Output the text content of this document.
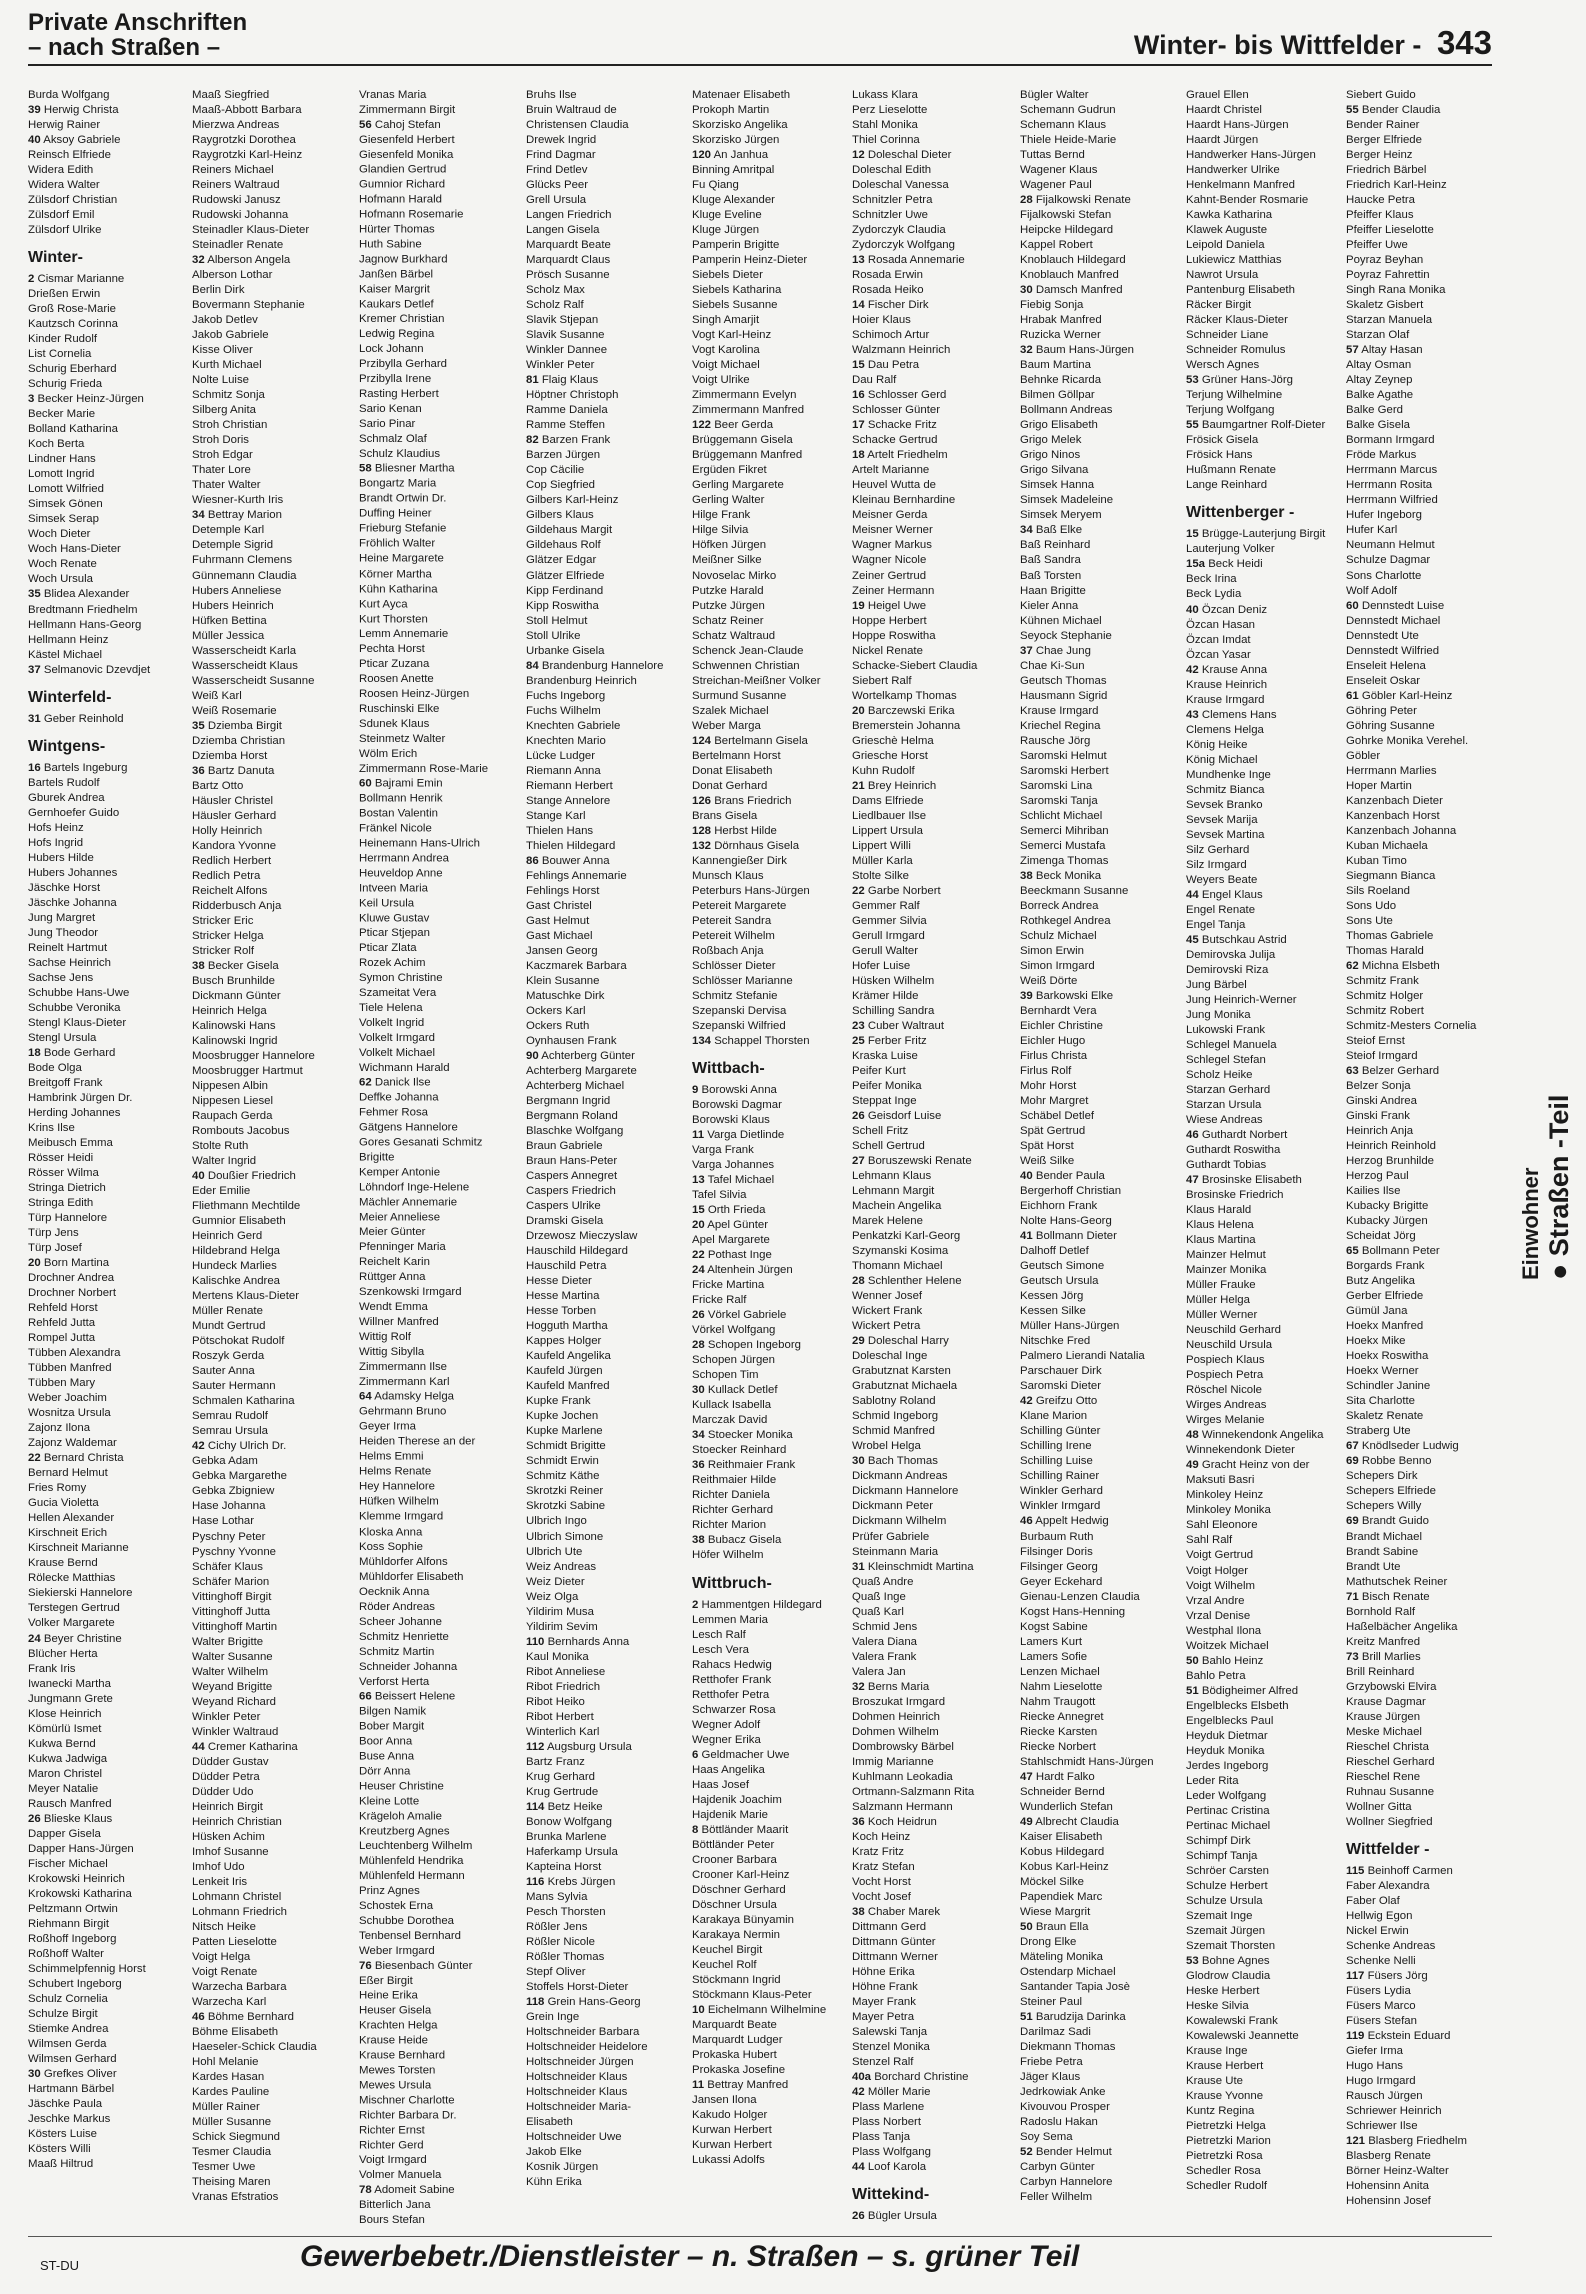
Private Anschriften
– nach Straßen –	Winter- bis Wittfelder - 343
Burda Wolfgang
39 Herwig Christa
Herwig Rainer
40 Aksoy Gabriele
Reinsch Elfriede
Widera Edith
Widera Walter
Zülsdorf Christian
Zülsdorf Emil
Zülsdorf Ulrike
Winter-
2 Cismar Marianne
Drießen Erwin
Groß Rose-Marie
Kautzsch Corinna
Kinder Rudolf
List Cornelia
Schurig Eberhard
Schurig Frieda
3 Becker Heinz-Jürgen
Becker Marie
Bolland Katharina
Koch Berta
Lindner Hans
Lomott Ingrid
Lomott Wilfried
Simsek Gönen
Simsek Serap
Woch Dieter
Woch Hans-Dieter
Woch Renate
Woch Ursula
35 Blidea Alexander
Bredtmann Friedhelm
Hellmann Hans-Georg
Hellmann Heinz
Kästel Michael
37 Selmanovic Dzevdjet
Winterfeld-
31 Geber Reinhold
Wintgens-
16 Bartels Ingeburg
Bartels Rudolf
Gburek Andrea
Gernhoefer Guido
Hofs Heinz
Hofs Ingrid
Hubers Hilde
Hubers Johannes
Jäschke Horst
Jäschke Johanna
Jung Margret
Jung Theodor
Reinelt Hartmut
Sachse Heinrich
Sachse Jens
Schubbe Hans-Uwe
Schubbe Veronika
Stengl Klaus-Dieter
Stengl Ursula
18 Bode Gerhard
Bode Olga
Breitgoff Frank
Hambrink Jürgen Dr.
Herding Johannes
Krins Ilse
Meibusch Emma
Rösser Heidi
Rösser Wilma
Stringa Dietrich
Stringa Edith
Türp Hannelore
Türp Jens
Türp Josef
20 Born Martina
Drochner Andrea
Drochner Norbert
Rehfeld Horst
Rehfeld Jutta
Rompel Jutta
Tübben Alexandra
Tübben Manfred
Tübben Mary
Weber Joachim
Wosnitza Ursula
Zajonz Ilona
Zajonz Waldemar
22 Bernard Christa
Bernard Helmut
Fries Romy
Gucia Violetta
Hellen Alexander
Kirschneit Erich
Kirschneit Marianne
Krause Bernd
Rölecke Matthias
Siekierski Hannelore
Terstegen Gertrud
Volker Margarete
24 Beyer Christine
Blücher Herta
Frank Iris
Iwanecki Martha
Jungmann Grete
Klose Heinrich
Kömürlü Ismet
Kukwa Bernd
Kukwa Jadwiga
Maron Christel
Meyer Natalie
Rausch Manfred
26 Blieske Klaus
Dapper Gisela
Dapper Hans-Jürgen
Fischer Michael
Krokowski Heinrich
Krokowski Katharina
Peltzmann Ortwin
Riehmann Birgit
Roßhoff Ingeborg
Roßhoff Walter
Schimmelpfennig Horst
Schubert Ingeborg
Schulz Cornelia
Schulze Birgit
Stiemke Andrea
Wilmsen Gerda
Wilmsen Gerhard
30 Grefkes Oliver
Hartmann Bärbel
Jäschke Paula
Jeschke Markus
Kösters Luise
Kösters Willi
Maaß Hiltrud
Maaß Siegfried
Maaß-Abbott Barbara
Mierzwa Andreas
Raygrotzki Dorothea
Raygrotzki Karl-Heinz
Reiners Michael
Reiners Waltraud
Rudowski Janusz
Rudowski Johanna
Steinadler Klaus-Dieter
Steinadler Renate
32 Alberson Angela
Alberson Lothar
Berlin Dirk
Bovermann Stephanie
Jakob Detlev
Jakob Gabriele
Kisse Oliver
Kurth Michael
Nolte Luise
Schmitz Sonja
Silberg Anita
Stroh Christian
Stroh Doris
Stroh Edgar
Thater Lore
Thater Walter
Wiesner-Kurth Iris
34 Bettray Marion
Detemple Karl
Detemple Sigrid
Fuhrmann Clemens
Günnemann Claudia
Hubers Anneliese
Hubers Heinrich
Hüfken Bettina
Müller Jessica
Wasserscheidt Karla
Wasserscheidt Klaus
Wasserscheidt Susanne
Weiß Karl
Weiß Rosemarie
35 Dziemba Birgit
Dziemba Christian
Dziemba Horst
36 Bartz Danuta
Bartz Otto
Häusler Christel
Häusler Gerhard
Holly Heinrich
Kandora Yvonne
Redlich Herbert
Redlich Petra
Reichelt Alfons
Ridderbusch Anja
Stricker Eric
Stricker Helga
Stricker Rolf
38 Becker Gisela
Busch Brunhilde
Dickmann Günter
Heinrich Helga
Kalinowski Hans
Kalinowski Ingrid
Moosbrugger Hannelore
Moosbrugger Hartmut
Nippesen Albin
Nippesen Liesel
Raupach Gerda
Rombouts Jacobus
Stolte Ruth
Walter Ingrid
40 Doußier Friedrich
Eder Emilie
Fliethmann Mechtilde
Gumnior Elisabeth
Heinrich Gerd
Hildebrand Helga
Hundeck Marlies
Kalischke Andrea
Mertens Klaus-Dieter
Müller Renate
Mundt Gertrud
Pötschokat Rudolf
Roszyk Gerda
Sauter Anna
Sauter Hermann
Schmalen Katharina
Semrau Rudolf
Semrau Ursula
42 Cichy Ulrich Dr.
Gebka Adam
Gebka Margarethe
Gebka Zbigniew
Hase Johanna
Hase Lothar
Pyschny Peter
Pyschny Yvonne
Schäfer Klaus
Schäfer Marion
Vittinghoff Birgit
Vittinghoff Jutta
Vittinghoff Martin
Walter Brigitte
Walter Susanne
Walter Wilhelm
Weyand Brigitte
Weyand Richard
Winkler Peter
Winkler Waltraud
44 Cremer Katharina
Düdder Gustav
Düdder Petra
Düdder Udo
Heinrich Birgit
Heinrich Christian
Hüsken Achim
Imhof Susanne
Imhof Udo
Lenkeit Iris
Lohmann Christel
Lohmann Friedrich
Nitsch Heike
Patten Lieselotte
Voigt Helga
Voigt Renate
Warzecha Barbara
Warzecha Karl
46 Böhme Bernhard
Böhme Elisabeth
Haeseler-Schick Claudia
Hohl Melanie
Kardes Hasan
Kardes Pauline
Müller Rainer
Müller Susanne
Schick Siegmund
Tesmer Claudia
Tesmer Uwe
Theising Maren
Vranas Efstratios
Vranas Maria
Zimmermann Birgit
56 Cahoj Stefan
Giesenfeld Herbert
Giesenfeld Monika
Glandien Gertrud
Gumnior Richard
Hofmann Harald
Hofmann Rosemarie
Hürter Thomas
Huth Sabine
Jagnow Burkhard
Janßen Bärbel
Kaiser Margrit
Kaukars Detlef
Kremer Christian
Ledwig Regina
Lock Johann
Przibylla Gerhard
Przibylla Irene
Rasting Herbert
Sario Kenan
Sario Pinar
Schmalz Olaf
Schulz Klaudius
58 Bliesner Martha
Bongartz Maria
Brandt Ortwin Dr.
Duffing Heiner
Frieburg Stefanie
Fröhlich Walter
Heine Margarete
Körner Martha
Kühn Katharina
Kurt Ayca
Kurt Thorsten
Lemm Annemarie
Pechta Horst
Pticar Zuzana
Roosen Anette
Roosen Heinz-Jürgen
Ruschinski Elke
Sdunek Klaus
Steinmetz Walter
Wölm Erich
Zimmermann Rose-Marie
60 Bajrami Emin
Bollmann Henrik
Bostan Valentin
Fränkel Nicole
Heinemann Hans-Ulrich
Herrmann Andrea
Heuveldop Anne
Intveen Maria
Keil Ursula
Kluwe Gustav
Pticar Stjepan
Pticar Zlata
Rozek Achim
Symon Christine
Szameitat Vera
Tiele Helena
Volkelt Ingrid
Volkelt Irmgard
Volkelt Michael
Wichmann Harald
62 Danick Ilse
Deffke Johanna
Fehmer Rosa
Gätgens Hannelore
Gores Gesanati Schmitz
Brigitte
Kemper Antonie
Löhndorf Inge-Helene
Mächler Annemarie
Meier Anneliese
Meier Günter
Pfenninger Maria
Reichelt Karin
Rüttger Anna
Szenkowski Irmgard
Wendt Emma
Willner Manfred
Wittig Rolf
Wittig Sibylla
Zimmermann Ilse
Zimmermann Karl
64 Adamsky Helga
Gehrmann Bruno
Geyer Irma
Heiden Therese an der
Helms Emmi
Helms Renate
Hey Hannelore
Hüfken Wilhelm
Klemme Irmgard
Kloska Anna
Koss Sophie
Mühldorfer Alfons
Mühldorfer Elisabeth
Oecknik Anna
Röder Andreas
Scheer Johanne
Schmitz Henriette
Schmitz Martin
Schneider Johanna
Verforst Herta
66 Beissert Helene
Bilgen Namik
Bober Margit
Boor Anna
Buse Anna
Dörr Anna
Heuser Christine
Kleine Lotte
Krägeloh Amalie
Kreutzberg Agnes
Leuchtenberg Wilhelm
Mühlenfeld Hendrika
Mühlenfeld Hermann
Prinz Agnes
Schostek Erna
Schubbe Dorothea
Tenbensel Bernhard
Weber Irmgard
76 Biesenbach Günter
Eßer Birgit
Heine Erika
Heuser Gisela
Krachten Helga
Krause Heide
Krause Bernhard
Mewes Torsten
Mewes Ursula
Mischner Charlotte
Richter Barbara Dr.
Richter Ernst
Richter Gerd
Voigt Irmgard
Volmer Manuela
78 Adomeit Sabine
Bitterlich Jana
Bours Stefan
Bruhs Ilse
Bruin Waltraud de
Christensen Claudia
Drewek Ingrid
Frind Dagmar
Frind Detlev
Glücks Peer
Grell Ursula
Langen Friedrich
Langen Gisela
Marquardt Beate
Marquardt Claus
Prösch Susanne
Scholz Max
Scholz Ralf
Slavik Stjepan
Slavik Susanne
Winkler Dannee
Winkler Peter
81 Flaig Klaus
Höptner Christoph
Ramme Daniela
Ramme Steffen
82 Barzen Frank
Barzen Jürgen
Cop Cäcilie
Cop Siegfried
Gilbers Karl-Heinz
Gilbers Klaus
Gildehaus Margit
Gildehaus Rolf
Glätzer Edgar
Glätzer Elfriede
Kipp Ferdinand
Kipp Roswitha
Stoll Helmut
Stoll Ulrike
Urbanke Gisela
84 Brandenburg Hannelore
Brandenburg Heinrich
Fuchs Ingeborg
Fuchs Wilhelm
Knechten Gabriele
Knechten Mario
Lücke Ludger
Riemann Anna
Riemann Herbert
Stange Annelore
Stange Karl
Thielen Hans
Thielen Hildegard
86 Bouwer Anna
Fehlings Annemarie
Fehlings Horst
Gast Christel
Gast Helmut
Gast Michael
Jansen Georg
Kaczmarek Barbara
Klein Susanne
Matuschke Dirk
Ockers Karl
Ockers Ruth
Oynhausen Frank
90 Achterberg Günter
Achterberg Margarete
Achterberg Michael
Bergmann Ingrid
Bergmann Roland
Blaschke Wolfgang
Braun Gabriele
Braun Hans-Peter
Caspers Annegret
Caspers Friedrich
Caspers Ulrike
Dramski Gisela
Drzewosz Mieczyslaw
Hauschild Hildegard
Hauschild Petra
Hesse Dieter
Hesse Martina
Hesse Torben
Hogguth Martha
Kappes Holger
Kaufeld Angelika
Kaufeld Jürgen
Kaufeld Manfred
Kupke Frank
Kupke Jochen
Kupke Marlene
Schmidt Brigitte
Schmidt Erwin
Schmitz Käthe
Skrotzki Reiner
Skrotzki Sabine
Ulbrich Ingo
Ulbrich Simone
Ulbrich Ute
Weiz Andreas
Weiz Dieter
Weiz Olga
Yildirim Musa
Yildirim Sevim
110 Bernhards Anna
Kaul Monika
Ribot Anneliese
Ribot Friedrich
Ribot Heiko
Ribot Herbert
Winterlich Karl
112 Augsburg Ursula
Bartz Franz
Krug Gerhard
Krug Gertrude
114 Betz Heike
Bonow Wolfgang
Brunka Marlene
Haferkamp Ursula
Kapteina Horst
116 Krebs Jürgen
Mans Sylvia
Pesch Thorsten
Rößler Jens
Rößler Nicole
Rößler Thomas
Stepf Oliver
Stoffels Horst-Dieter
118 Grein Hans-Georg
Grein Inge
Holtschneider Barbara
Holtschneider Heidelore
Holtschneider Jürgen
Holtschneider Klaus
Holtschneider Klaus
Holtschneider Maria-
Elisabeth
Holtschneider Uwe
Jakob Elke
Kosnik Jürgen
Kühn Erika
Matenaer Elisabeth
Prokoph Martin
Skorzisko Angelika
Skorzisko Jürgen
120 An Janhua
Binning Amritpal
Fu Qiang
Kluge Alexander
Kluge Eveline
Kluge Jürgen
Pamperin Brigitte
Pamperin Heinz-Dieter
Siebels Dieter
Siebels Katharina
Siebels Susanne
Singh Amarjit
Vogt Karl-Heinz
Vogt Karolina
Voigt Michael
Voigt Ulrike
Zimmermann Evelyn
Zimmermann Manfred
122 Beer Gerda
Brüggemann Gisela
Brüggemann Manfred
Ergüden Fikret
Gerling Margarete
Gerling Walter
Hilge Frank
Hilge Silvia
Höfken Jürgen
Meißner Silke
Novoselac Mirko
Putzke Harald
Putzke Jürgen
Schatz Reiner
Schatz Waltraud
Schenck Jean-Claude
Schwennen Christian
Streichan-Meißner Volker
Surmund Susanne
Szalek Michael
Weber Marga
124 Bertelmann Gisela
Bertelmann Horst
Donat Elisabeth
Donat Gerhard
126 Brans Friedrich
Brans Gisela
128 Herbst Hilde
132 Dörnhaus Gisela
Kannengießer Dirk
Munsch Klaus
Peterburs Hans-Jürgen
Petereit Margarete
Petereit Sandra
Petereit Wilhelm
Roßbach Anja
Schlösser Dieter
Schlösser Marianne
Schmitz Stefanie
Szepanski Dervisa
Szepanski Wilfried
134 Schappel Thorsten
Wittbach-
9 Borowski Anna
Borowski Dagmar
Borowski Klaus
11 Varga Dietlinde
Varga Frank
Varga Johannes
13 Tafel Michael
Tafel Silvia
15 Orth Frieda
20 Apel Günter
Apel Margarete
22 Pothast Inge
24 Altenhein Jürgen
Fricke Martina
Fricke Ralf
26 Vörkel Gabriele
Vörkel Wolfgang
28 Schopen Ingeborg
Schopen Jürgen
Schopen Tim
30 Kullack Detlef
Kullack Isabella
Marczak David
34 Stoecker Monika
Stoecker Reinhard
36 Reithmaier Frank
Reithmaier Hilde
Richter Daniela
Richter Gerhard
Richter Marion
38 Bubacz Gisela
Höfer Wilhelm
Wittbruch-
2 Hammentgen Hildegard
Lemmen Maria
Lesch Ralf
Lesch Vera
Rahacs Hedwig
Retthofer Frank
Retthofer Petra
Schwarzer Rosa
Wegner Adolf
Wegner Erika
6 Geldmacher Uwe
Haas Angelika
Haas Josef
Hajdenik Joachim
Hajdenik Marie
8 Böttländer Maarit
Böttländer Peter
Crooner Barbara
Crooner Karl-Heinz
Döschner Gerhard
Döschner Ursula
Karakaya Bünyamin
Karakaya Nermin
Keuchel Birgit
Keuchel Rolf
Stöckmann Ingrid
Stöckmann Klaus-Peter
10 Eichelmann Wilhelmine
Marquardt Beate
Marquardt Ludger
Prokaska Hubert
Prokaska Josefine
11 Bettray Manfred
Jansen Ilona
Kakudo Holger
Kurwan Herbert
Kurwan Herbert
Lukassi Adolfs
Lukass Klara
Perz Lieselotte
Stahl Monika
Thiel Corinna
12 Doleschal Dieter
Doleschal Edith
Doleschal Vanessa
Schnitzler Petra
Schnitzler Uwe
Zydorczyk Claudia
Zydorczyk Wolfgang
13 Rosada Annemarie
Rosada Erwin
Rosada Heiko
14 Fischer Dirk
Hoier Klaus
Schimoch Artur
Walzmann Heinrich
15 Dau Petra
Dau Ralf
16 Schlosser Gerd
Schlosser Günter
17 Schacke Fritz
Schacke Gertrud
18 Artelt Friedhelm
Artelt Marianne
Heuvel Wutta de
Kleinau Bernhardine
Meisner Gerda
Meisner Werner
Wagner Markus
Wagner Nicole
Zeiner Gertrud
Zeiner Hermann
19 Heigel Uwe
Hoppe Herbert
Hoppe Roswitha
Nickel Renate
Schacke-Siebert Claudia
Siebert Ralf
Wortelkamp Thomas
20 Barczewski Erika
Bremerstein Johanna
Grieschè Helma
Griesche Horst
Kuhn Rudolf
21 Brey Heinrich
Dams Elfriede
Liedlbauer Ilse
Lippert Ursula
Lippert Willi
Müller Karla
Stolte Silke
22 Garbe Norbert
Gemmer Ralf
Gemmer Silvia
Gerull Irmgard
Gerull Walter
Hofer Luise
Hüsken Wilhelm
Krämer Hilde
Schilling Sandra
23 Cuber Waltraut
25 Ferber Fritz
Kraska Luise
Peifer Kurt
Peifer Monika
Steppat Inge
26 Geisdorf Luise
Schell Fritz
Schell Gertrud
27 Boruszewski Renate
Lehmann Klaus
Lehmann Margit
Machein Angelika
Marek Helene
Penkatzki Karl-Georg
Szymanski Kosima
Thomann Michael
28 Schlenther Helene
Wenner Josef
Wickert Frank
Wickert Petra
29 Doleschal Harry
Doleschal Inge
Grabutznat Karsten
Grabutznat Michaela
Sablotny Roland
Schmid Ingeborg
Schmid Manfred
Wrobel Helga
30 Bach Thomas
Dickmann Andreas
Dickmann Hannelore
Dickmann Peter
Dickmann Wilhelm
Prüfer Gabriele
Steinmann Maria
31 Kleinschmidt Martina
Quaß Andre
Quaß Inge
Quaß Karl
Schmid Jens
Valera Diana
Valera Frank
Valera Jan
32 Berns Maria
Broszukat Irmgard
Dohmen Heinrich
Dohmen Wilhelm
Dombrowsky Bärbel
Immig Marianne
Kuhlmann Leokadia
Ortmann-Salzmann Rita
Salzmann Hermann
36 Koch Heidrun
Koch Heinz
Kratz Fritz
Kratz Stefan
Vocht Horst
Vocht Josef
38 Chaber Marek
Dittmann Gerd
Dittmann Günter
Dittmann Werner
Höhne Erika
Höhne Frank
Mayer Frank
Mayer Petra
Salewski Tanja
Stenzel Monika
Stenzel Ralf
40a Borchard Christine
42 Möller Marie
Plass Marlene
Plass Norbert
Plass Tanja
Plass Wolfgang
44 Loof Karola
Wittekind-
26 Bügler Ursula
Bügler Walter
Schemann Gudrun
Schemann Klaus
Thiele Heide-Marie
Tuttas Bernd
Wagener Klaus
Wagener Paul
28 Fijalkowski Renate
Fijalkowski Stefan
Heipcke Hildegard
Kappel Robert
Knoblauch Hildegard
Knoblauch Manfred
30 Damsch Manfred
Fiebig Sonja
Hrabak Manfred
Ruzicka Werner
32 Baum Hans-Jürgen
Baum Martina
Behnke Ricarda
Bilmen Göllpar
Bollmann Andreas
Grigo Elisabeth
Grigo Melek
Grigo Ninos
Grigo Silvana
Simsek Hanna
Simsek Madeleine
Simsek Meryem
34 Baß Elke
Baß Reinhard
Baß Sandra
Baß Torsten
Haan Brigitte
Kieler Anna
Kühnen Michael
Seyock Stephanie
37 Chae Jung
Chae Ki-Sun
Geutsch Thomas
Hausmann Sigrid
Krause Irmgard
Kriechel Regina
Rausche Jörg
Saromski Helmut
Saromski Herbert
Saromski Lina
Saromski Tanja
Schlicht Michael
Semerci Mihriban
Semerci Mustafa
Zimenga Thomas
38 Beck Monika
Beeckmann Susanne
Borreck Andrea
Rothkegel Andrea
Schulz Michael
Simon Erwin
Simon Irmgard
Weiß Dörte
39 Barkowski Elke
Bernhardt Vera
Eichler Christine
Eichler Hugo
Firlus Christa
Firlus Rolf
Mohr Horst
Mohr Margret
Schäbel Detlef
Spät Gertrud
Spät Horst
Weiß Silke
40 Bender Paula
Bergerhoff Christian
Eichhorn Frank
Nolte Hans-Georg
41 Bollmann Dieter
Dalhoff Detlef
Geutsch Simone
Geutsch Ursula
Kessen Jörg
Kessen Silke
Müller Hans-Jürgen
Nitschke Fred
Palmero Lierandi Natalia
Parschauer Dirk
Saromski Dieter
42 Greifzu Otto
Klane Marion
Schilling Günter
Schilling Irene
Schilling Luise
Schilling Rainer
Winkler Gerhard
Winkler Irmgard
46 Appelt Hedwig
Burbaum Ruth
Filsinger Doris
Filsinger Georg
Geyer Eckehard
Gienau-Lenzen Claudia
Kogst Hans-Henning
Kogst Sabine
Lamers Kurt
Lamers Sofie
Lenzen Michael
Nahm Lieselotte
Nahm Traugott
Riecke Annegret
Riecke Karsten
Riecke Norbert
Stahlschmidt Hans-Jürgen
47 Hardt Falko
Schneider Bernd
Wunderlich Stefan
49 Albrecht Claudia
Kaiser Elisabeth
Kobus Hildegard
Kobus Karl-Heinz
Möckel Silke
Papendiek Marc
Wiese Margrit
50 Braun Ella
Drong Elke
Mäteling Monika
Ostendarp Michael
Santander Tapia Josè
Steiner Paul
51 Barudzija Darinka
Darilmaz Sadi
Diekmann Thomas
Friebe Petra
Jäger Klaus
Jedrkowiak Anke
Kivouvou Prosper
Radoslu Hakan
Soy Sema
52 Bender Helmut
Carbyn Günter
Carbyn Hannelore
Feller Wilhelm
Grauel Ellen
Haardt Christel
Haardt Hans-Jürgen
Haardt Jürgen
Handwerker Hans-Jürgen
Handwerker Ulrike
Henkelmann Manfred
Kahnt-Bender Rosmarie
Kawka Katharina
Klawek Auguste
Leipold Daniela
Lukiewicz Matthias
Nawrot Ursula
Pantenburg Elisabeth
Räcker Birgit
Räcker Klaus-Dieter
Schneider Liane
Schneider Romulus
Wersch Agnes
53 Grüner Hans-Jörg
Terjung Wilhelmine
Terjung Wolfgang
55 Baumgartner Rolf-Dieter
Frösick Gisela
Frösick Hans
Hußmann Renate
Lange Reinhard
Wittenberger -
15 Brügge-Lauterjung Birgit
Lauterjung Volker
15a Beck Heidi
Beck Irina
Beck Lydia
40 Özcan Deniz
Özcan Hasan
Özcan Imdat
Özcan Yasar
42 Krause Anna
Krause Heinrich
Krause Irmgard
43 Clemens Hans
Clemens Helga
König Heike
König Michael
Mundhenke Inge
Schmitz Bianca
Sevsek Branko
Sevsek Marija
Sevsek Martina
Silz Gerhard
Silz Irmgard
Weyers Beate
44 Engel Klaus
Engel Renate
Engel Tanja
45 Butschkau Astrid
Demirovska Julija
Demirovski Riza
Jung Bärbel
Jung Heinrich-Werner
Jung Monika
Lukowski Frank
Schlegel Manuela
Schlegel Stefan
Scholz Heike
Starzan Gerhard
Starzan Ursula
Wiese Andreas
46 Guthardt Norbert
Guthardt Roswitha
Guthardt Tobias
47 Brosinske Elisabeth
Brosinske Friedrich
Klaus Harald
Klaus Helena
Klaus Martina
Mainzer Helmut
Mainzer Monika
Müller Frauke
Müller Helga
Müller Werner
Neuschild Gerhard
Neuschild Ursula
Pospiech Klaus
Pospiech Petra
Röschel Nicole
Wirges Andreas
Wirges Melanie
48 Winnekendonk Angelika
Winnekendonk Dieter
49 Gracht Heinz von der
Maksuti Basri
Minkoley Heinz
Minkoley Monika
Sahl Eleonore
Sahl Ralf
Voigt Gertrud
Voigt Holger
Voigt Wilhelm
Vrzal Andre
Vrzal Denise
Westphal Ilona
Woitzek Michael
50 Bahlo Heinz
Bahlo Petra
51 Bödigheimer Alfred
Engelblecks Elsbeth
Engelblecks Paul
Heyduk Dietmar
Heyduk Monika
Jerdes Ingeborg
Leder Rita
Leder Wolfgang
Pertinac Cristina
Pertinac Michael
Schimpf Dirk
Schimpf Tanja
Schröer Carsten
Schulze Herbert
Schulze Ursula
Szemait Inge
Szemait Jürgen
Szemait Thorsten
53 Bohne Agnes
Glodrow Claudia
Heske Herbert
Heske Silvia
Kowalewski Frank
Kowalewski Jeannette
Krause Inge
Krause Herbert
Krause Ute
Krause Yvonne
Kuntz Regina
Pietretzki Helga
Pietretzki Marion
Pietretzki Rosa
Schedler Rosa
Schedler Rudolf
Siebert Guido
55 Bender Claudia
Bender Rainer
Berger Elfriede
Berger Heinz
Friedrich Bärbel
Friedrich Karl-Heinz
Haucke Petra
Pfeiffer Klaus
Pfeiffer Lieselotte
Pfeiffer Uwe
Poyraz Beyhan
Poyraz Fahrettin
Singh Rana Monika
Skaletz Gisbert
Starzan Manuela
Starzan Olaf
57 Altay Hasan
Altay Osman
Altay Zeynep
Balke Agathe
Balke Gerd
Balke Gisela
Bormann Irmgard
Fröde Markus
Herrmann Marcus
Herrmann Rosita
Herrmann Wilfried
Hufer Ingeborg
Hufer Karl
Neumann Helmut
Schulze Dagmar
Sons Charlotte
Wolf Adolf
60 Dennstedt Luise
Dennstedt Michael
Dennstedt Ute
Dennstedt Wilfried
Enseleit Helena
Enseleit Oskar
61 Göbler Karl-Heinz
Göhring Peter
Göhring Susanne
Gohrke Monika Verehel.
Göbler
Herrmann Marlies
Hoper Martin
Kanzenbach Dieter
Kanzenbach Horst
Kanzenbach Johanna
Kuban Michaela
Kuban Timo
Siegmann Bianca
Sils Roeland
Sons Udo
Sons Ute
Thomas Gabriele
Thomas Harald
62 Michna Elsbeth
Schmitz Frank
Schmitz Holger
Schmitz Robert
Schmitz-Mesters Cornelia
Steiof Ernst
Steiof Irmgard
63 Belzer Gerhard
Belzer Sonja
Ginski Andrea
Ginski Frank
Heinrich Anja
Heinrich Reinhold
Herzog Brunhilde
Herzog Paul
Kailies Ilse
Kubacky Brigitte
Kubacky Jürgen
Scheidat Jörg
65 Bollmann Peter
Borgards Frank
Butz Angelika
Gerber Elfriede
Gümül Jana
Hoekx Manfred
Hoekx Mike
Hoekx Roswitha
Hoekx Werner
Schindler Janine
Sita Charlotte
Skaletz Renate
Straberg Ute
67 Knödlseder Ludwig
69 Robbe Benno
Schepers Dirk
Schepers Elfriede
Schepers Willy
69 Brandt Guido
Brandt Michael
Brandt Sabine
Brandt Ute
Mathutschek Reiner
71 Bisch Renate
Bornhold Ralf
Haßelbächer Angelika
Kreitz Manfred
73 Brill Marlies
Brill Reinhard
Grzybowski Elvira
Krause Dagmar
Krause Jürgen
Meske Michael
Rieschel Christa
Rieschel Gerhard
Rieschel Rene
Ruhnau Susanne
Wollner Gitta
Wollner Siegfried
Wittfelder -
115 Beinhoff Carmen
Faber Alexandra
Faber Olaf
Hellwig Egon
Nickel Erwin
Schenke Andreas
Schenke Nelli
117 Füsers Jörg
Füsers Lydia
Füsers Marco
Füsers Stefan
119 Eckstein Eduard
Giefer Irma
Hugo Hans
Hugo Irmgard
Rausch Jürgen
Schriewer Heinrich
Schriewer Ilse
121 Blasberg Friedhelm
Blasberg Renate
Börner Heinz-Walter
Hohensinn Anita
Hohensinn Josef
Einwohner ● Straßen -Teil
ST-DU	Gewerbebetr./Dienstleister – n. Straßen – s. grüner Teil
